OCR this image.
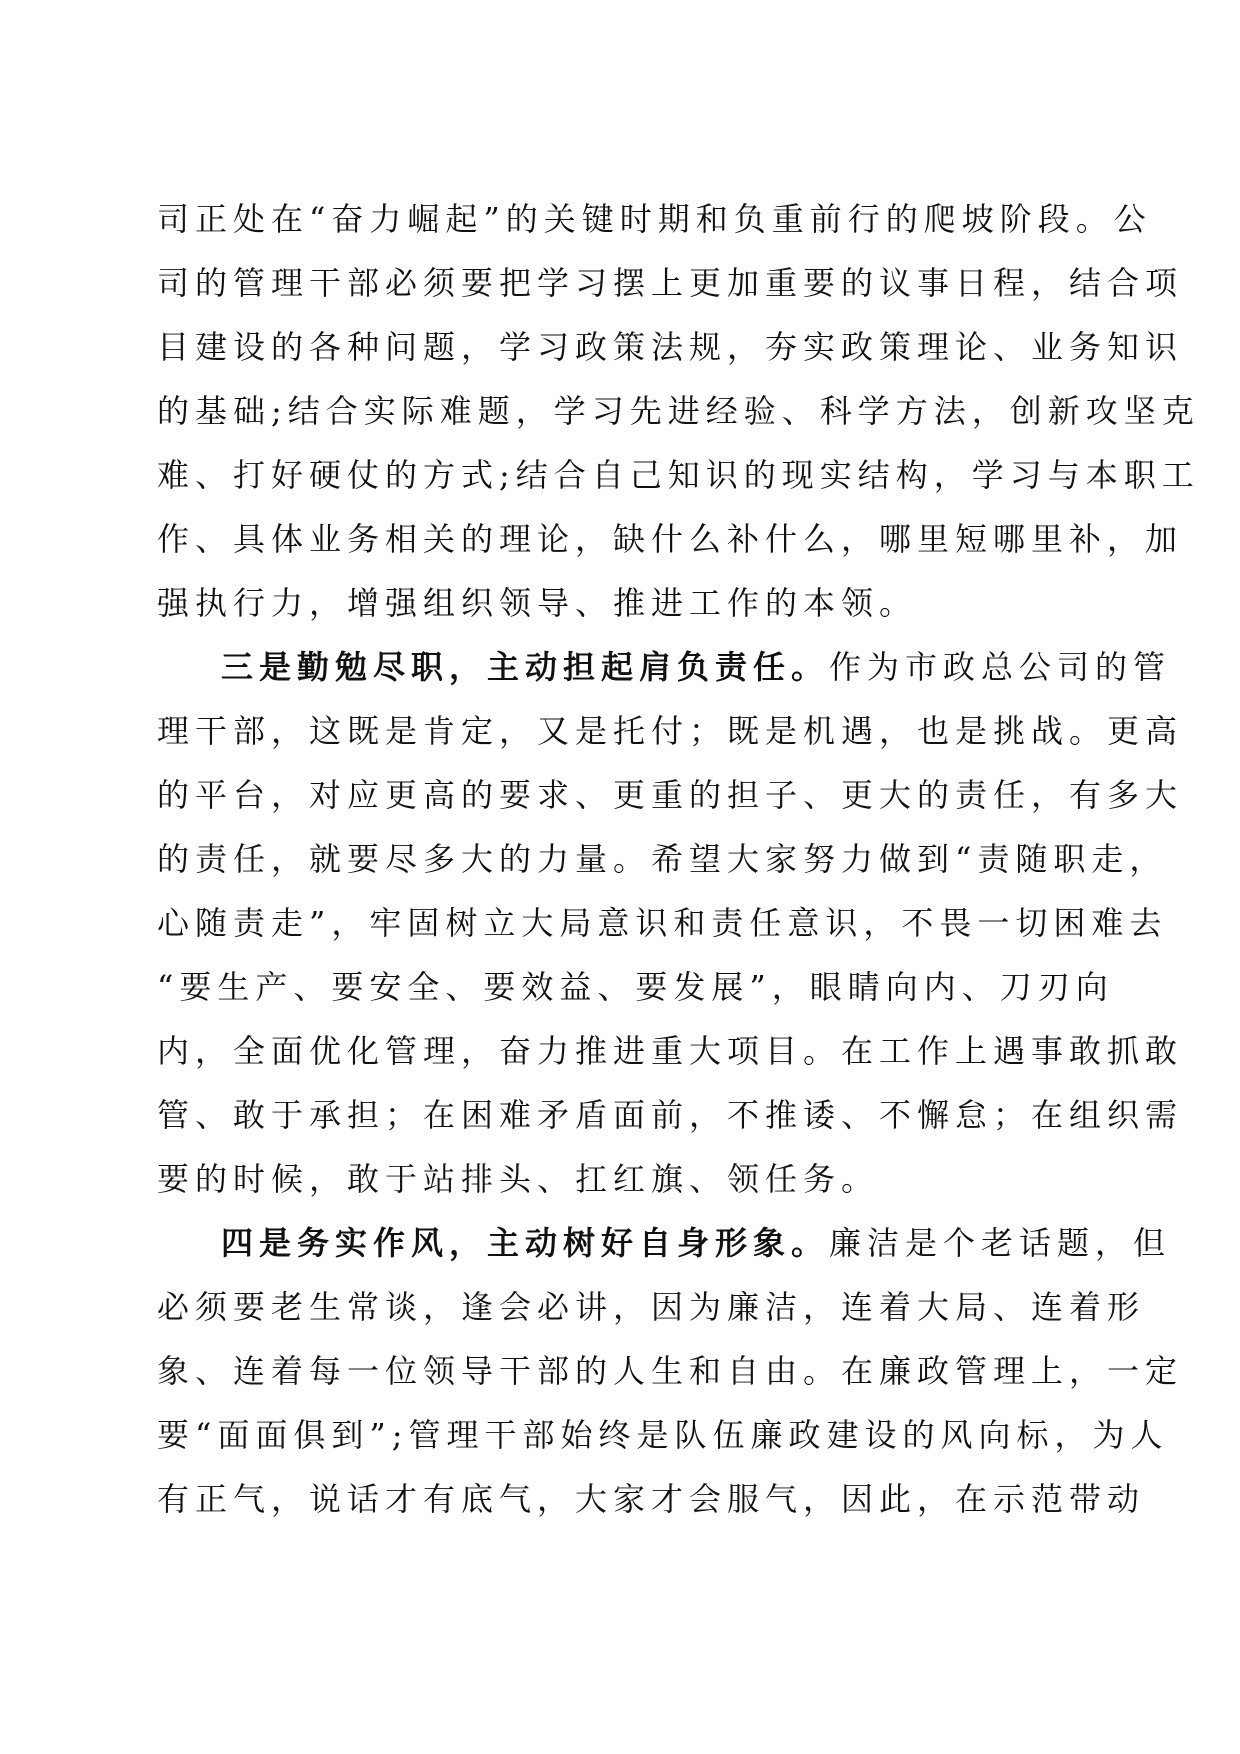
司正处在“奋力崛起”的关键时期和负重前行的爬坡阶段。公
司的管理干部必须要把学习摆上更加重要的议事日程，结合项
目建设的各种问题，学习政策法规，夯实政策理论、业务知识
的基础;结合实际难题，学习先进经验、科学方法，创新攻坚克
难、打好硬仗的方式;结合自己知识的现实结构，学习与本职工
作、具体业务相关的理论，缺什么补什么，哪里短哪里补，加
强执行力，增强组织领导、推进工作的本领。
三是勤勉尽职，主动担起肩负责任。作为市政总公司的管
理干部，这既是肯定，又是托付；既是机遇，也是挑战。更高
的平台，对应更高的要求、更重的担子、更大的责任，有多大
的责任，就要尽多大的力量。希望大家努力做到“责随职走，
心随责走”，牢固树立大局意识和责任意识，不畏一切困难去
“要生产、要安全、要效益、要发展”，眼睛向内、刀刃向
内，全面优化管理，奋力推进重大项目。在工作上遇事敢抓敢
管、敢于承担；在困难矛盾面前，不推诿、不懈怠；在组织需
要的时候，敢于站排头、扛红旗、领任务。
四是务实作风，主动树好自身形象。廉洁是个老话题，但
必须要老生常谈，逢会必讲，因为廉洁，连着大局、连着形
象、连着每一位领导干部的人生和自由。在廉政管理上，一定
要“面面俱到”;管理干部始终是队伍廉政建设的风向标，为人
有正气，说话才有底气，大家才会服气，因此，在示范带动
